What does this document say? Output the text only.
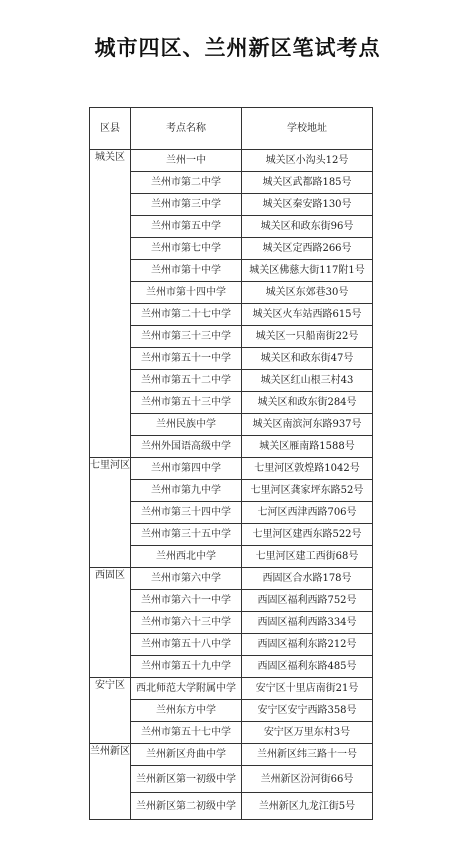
城市四区、兰州新区笔试考点
区县	考点名称	学校地址
城关区	兰州一中	城关区小沟头12号
	兰州市第二中学	城关区武都路185号
	兰州市第三中学	城关区秦安路130号
	兰州市第五中学	城关区和政东街96号
	兰州市第七中学	城关区定西路266号
	兰州市第十中学	城关区佛慈大街117附1号
	兰州市第十四中学	城关区东郊巷30号
	兰州市第二十七中学	城关区火车站西路615号
	兰州市第三十三中学	城关区一只船南街22号
	兰州市第五十一中学	城关区和政东街47号
	兰州市第五十二中学	城关区红山根三村43
	兰州市第五十三中学	城关区和政东街284号
	兰州民族中学	城关区南滨河东路937号
	兰州外国语高级中学	城关区雁南路1588号
七里河区	兰州市第四中学	七里河区敦煌路1042号
	兰州市第九中学	七里河区龚家坪东路52号
	兰州市第三十四中学	七河区西津西路706号
	兰州市第三十五中学	七里河区建西东路522号
	兰州西北中学	七里河区建工西街68号
西固区	兰州市第六中学	西固区合水路178号
	兰州市第六十一中学	西固区福利西路752号
	兰州市第六十三中学	西固区福利西路334号
	兰州市第五十八中学	西固区福利东路212号
	兰州市第五十九中学	西固区福利东路485号
安宁区	西北师范大学附属中学	安宁区十里店南街21号
	兰州东方中学	安宁区安宁西路358号
	兰州市第五十七中学	安宁区万里东村3号
兰州新区	兰州新区舟曲中学	兰州新区纬三路十一号
	兰州新区第一初级中学	兰州新区汾河街66号
	兰州新区第二初级中学	兰州新区九龙江街5号
